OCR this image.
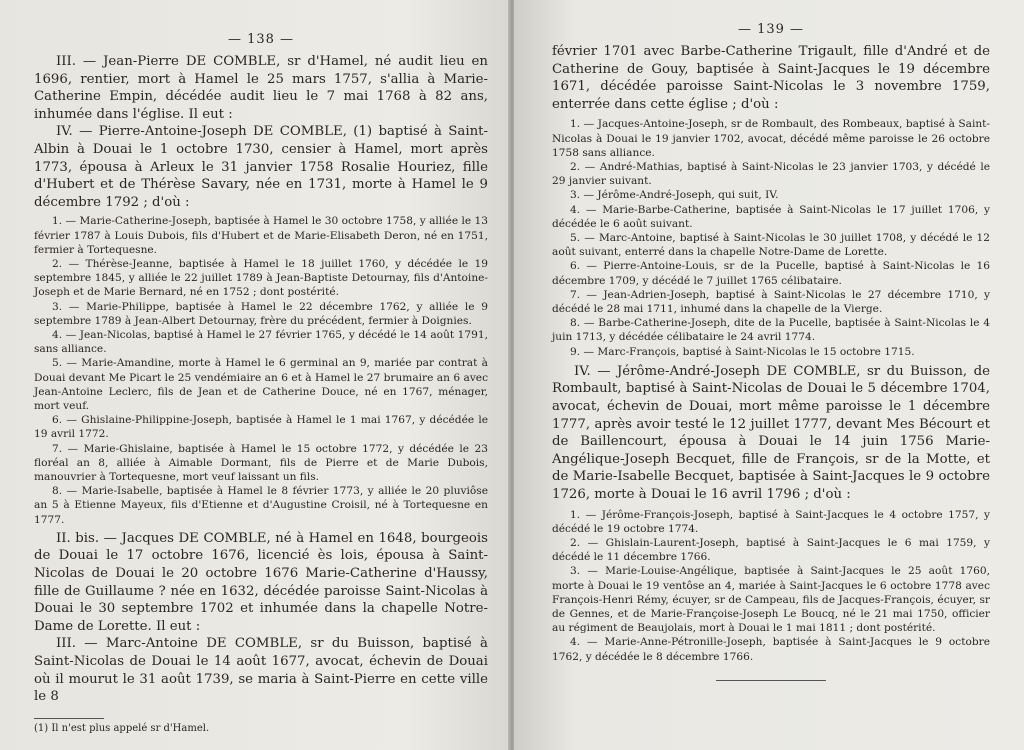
— 138 —

III. — Jean-Pierre DE COMBLE, sr d'Hamel, né audit lieu en 1696, rentier, mort à Hamel le 25 mars 1757, s'allia à Marie-Catherine Empin, décédée audit lieu le 7 mai 1768 à 82 ans, inhumée dans l'église. Il eut :

IV. — Pierre-Antoine-Joseph DE COMBLE, (1) baptisé à Saint-Albin à Douai le 1 octobre 1730, censier à Hamel, mort après 1773, épousa à Arleux le 31 janvier 1758 Rosalie Houriez, fille d'Hubert et de Thérèse Savary, née en 1731, morte à Hamel le 9 décembre 1792 ; d'où :

1. — Marie-Catherine-Joseph, baptisée à Hamel le 30 octobre 1758, y alliée le 13 février 1787 à Louis Dubois, fils d'Hubert et de Marie-Elisabeth Deron, né en 1751, fermier à Tortequesne.

2. — Thérèse-Jeanne, baptisée à Hamel le 18 juillet 1760, y décédée le 19 septembre 1845, y alliée le 22 juillet 1789 à Jean-Baptiste Detournay, fils d'Antoine-Joseph et de Marie Bernard, né en 1752 ; dont postérité.

3. — Marie-Philippe, baptisée à Hamel le 22 décembre 1762, y alliée le 9 septembre 1789 à Jean-Albert Detournay, frère du précédent, fermier à Doignies.

4. — Jean-Nicolas, baptisé à Hamel le 27 février 1765, y décédé le 14 août 1791, sans alliance.

5. — Marie-Amandine, morte à Hamel le 6 germinal an 9, mariée par contrat à Douai devant Me Picart le 25 vendémiaire an 6 et à Hamel le 27 brumaire an 6 avec Jean-Antoine Leclerc, fils de Jean et de Catherine Douce, né en 1767, ménager, mort veuf.

6. — Ghislaine-Philippine-Joseph, baptisée à Hamel le 1 mai 1767, y décédée le 19 avril 1772.

7. — Marie-Ghislaine, baptisée à Hamel le 15 octobre 1772, y décédée le 23 floréal an 8, alliée à Aimable Dormant, fils de Pierre et de Marie Dubois, manouvrier à Tortequesne, mort veuf laissant un fils.

8. — Marie-Isabelle, baptisée à Hamel le 8 février 1773, y alliée le 20 pluviôse an 5 à Etienne Mayeux, fils d'Etienne et d'Augustine Croisil, né à Tortequesne en 1777.

II. bis. — Jacques DE COMBLE, né à Hamel en 1648, bourgeois de Douai le 17 octobre 1676, licencié ès lois, épousa à Saint-Nicolas de Douai le 20 octobre 1676 Marie-Catherine d'Haussy, fille de Guillaume ? née en 1632, décédée paroisse Saint-Nicolas à Douai le 30 septembre 1702 et inhumée dans la chapelle Notre-Dame de Lorette. Il eut :

III. — Marc-Antoine DE COMBLE, sr du Buisson, baptisé à Saint-Nicolas de Douai le 14 août 1677, avocat, échevin de Douai où il mourut le 31 août 1739, se maria à Saint-Pierre en cette ville le 8

(1) Il n'est plus appelé sr d'Hamel.
— 139 —

février 1701 avec Barbe-Catherine Trigault, fille d'André et de Catherine de Gouy, baptisée à Saint-Jacques le 19 décembre 1671, décédée paroisse Saint-Nicolas le 3 novembre 1759, enterrée dans cette église ; d'où :

1. — Jacques-Antoine-Joseph, sr de Rombault, des Rombeaux, baptisé à Saint-Nicolas à Douai le 19 janvier 1702, avocat, décédé même paroisse le 26 octobre 1758 sans alliance.

2. — André-Mathias, baptisé à Saint-Nicolas le 23 janvier 1703, y décédé le 29 janvier suivant.

3. — Jérôme-André-Joseph, qui suit, IV.

4. — Marie-Barbe-Catherine, baptisée à Saint-Nicolas le 17 juillet 1706, y décédée le 6 août suivant.

5. — Marc-Antoine, baptisé à Saint-Nicolas le 30 juillet 1708, y décédé le 12 août suivant, enterré dans la chapelle Notre-Dame de Lorette.

6. — Pierre-Antoine-Louis, sr de la Pucelle, baptisé à Saint-Nicolas le 16 décembre 1709, y décédé le 7 juillet 1765 célibataire.

7. — Jean-Adrien-Joseph, baptisé à Saint-Nicolas le 27 décembre 1710, y décédé le 28 mai 1711, inhumé dans la chapelle de la Vierge.

8. — Barbe-Catherine-Joseph, dite de la Pucelle, baptisée à Saint-Nicolas le 4 juin 1713, y décédée célibataire le 24 avril 1774.

9. — Marc-François, baptisé à Saint-Nicolas le 15 octobre 1715.

IV. — Jérôme-André-Joseph DE COMBLE, sr du Buisson, de Rombault, baptisé à Saint-Nicolas de Douai le 5 décembre 1704, avocat, échevin de Douai, mort même paroisse le 1 décembre 1777, après avoir testé le 12 juillet 1777, devant Mes Bécourt et de Baillencourt, épousa à Douai le 14 juin 1756 Marie-Angélique-Joseph Becquet, fille de François, sr de la Motte, et de Marie-Isabelle Becquet, baptisée à Saint-Jacques le 9 octobre 1726, morte à Douai le 16 avril 1796 ; d'où :

1. — Jérôme-François-Joseph, baptisé à Saint-Jacques le 4 octobre 1757, y décédé le 19 octobre 1774.

2. — Ghislain-Laurent-Joseph, baptisé à Saint-Jacques le 6 mai 1759, y décédé le 11 décembre 1766.

3. — Marie-Louise-Angélique, baptisée à Saint-Jacques le 25 août 1760, morte à Douai le 19 ventôse an 4, mariée à Saint-Jacques le 6 octobre 1778 avec François-Henri Rémy, écuyer, sr de Campeau, fils de Jacques-François, écuyer, sr de Gennes, et de Marie-Françoise-Joseph Le Boucq, né le 21 mai 1750, officier au régiment de Beaujolais, mort à Douai le 1 mai 1811 ; dont postérité.

4. — Marie-Anne-Pétronille-Joseph, baptisée à Saint-Jacques le 9 octobre 1762, y décédée le 8 décembre 1766.
